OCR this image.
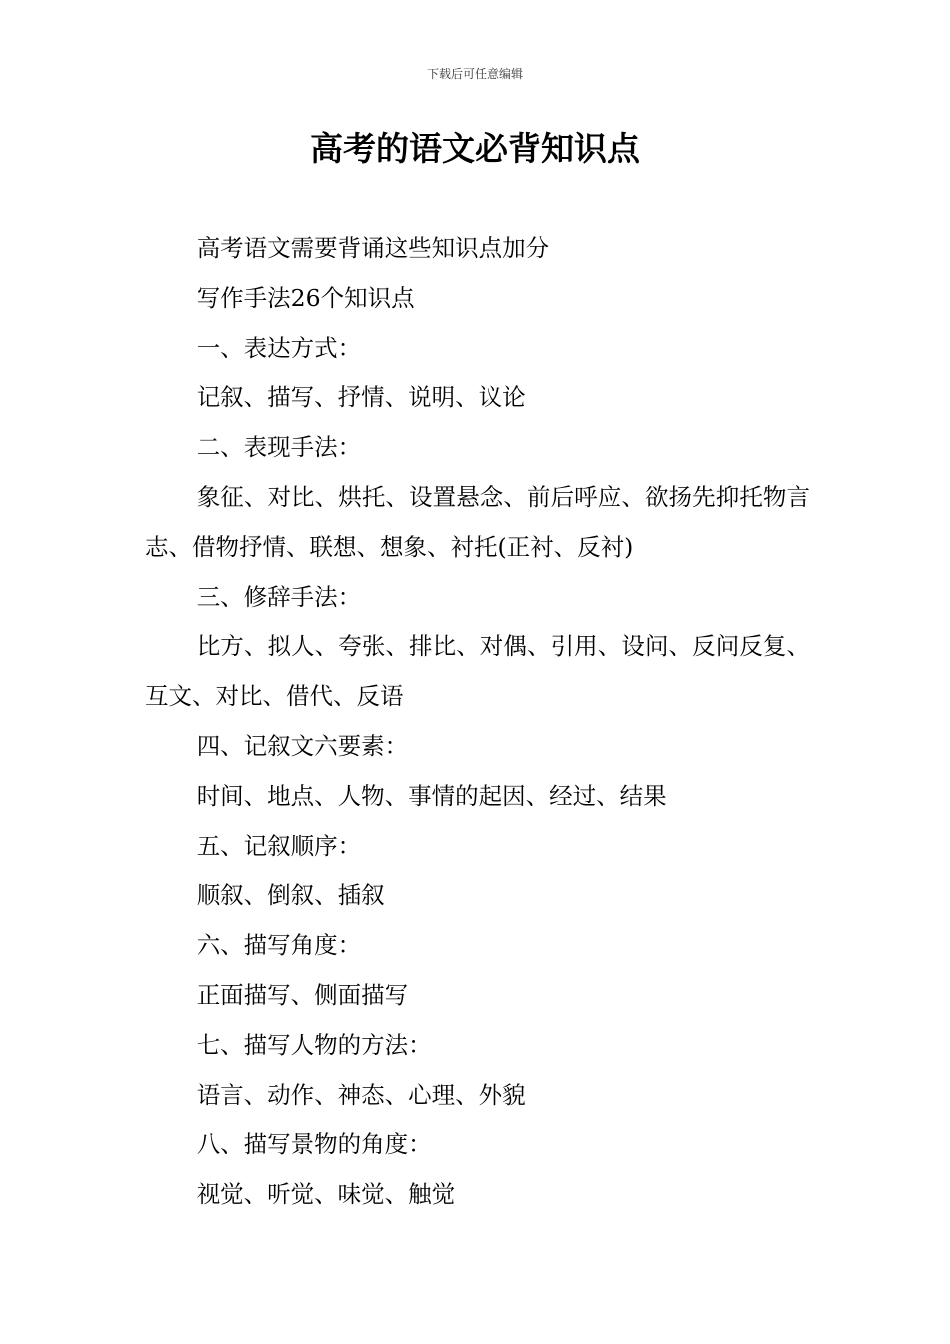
下载后可任意编辑
高考的语文必背知识点

高考语文需要背诵这些知识点加分

写作手法26个知识点

一、表达方式：

记叙、描写、抒情、说明、议论

二、表现手法：

象征、对比、烘托、设置悬念、前后呼应、欲扬先抑托物言志、借物抒情、联想、想象、衬托(正衬、反衬)

三、修辞手法：

比方、拟人、夸张、排比、对偶、引用、设问、反问反复、互文、对比、借代、反语

四、记叙文六要素：

时间、地点、人物、事情的起因、经过、结果

五、记叙顺序：

顺叙、倒叙、插叙

六、描写角度：

正面描写、侧面描写

七、描写人物的方法：

语言、动作、神态、心理、外貌

八、描写景物的角度：

视觉、听觉、味觉、触觉
